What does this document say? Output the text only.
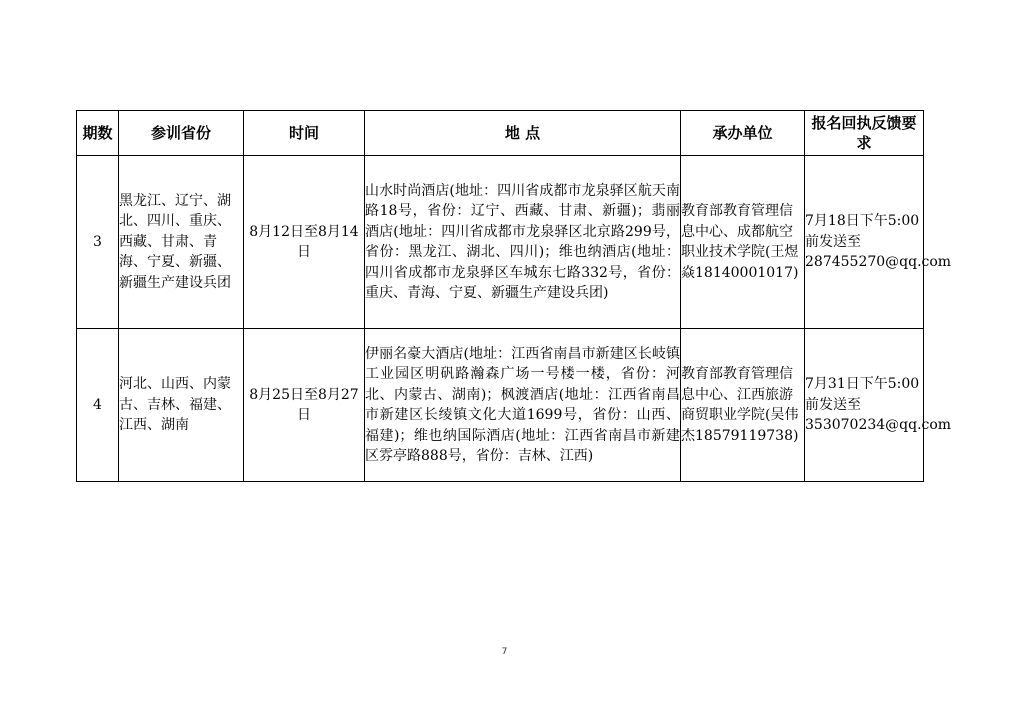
期数	参训省份	时间	地 点	承办单位	报名回执反馈要求
3	黑龙江、辽宁、湖北、四川、重庆、西藏、甘肃、青海、宁夏、新疆、新疆生产建设兵团	8月12日至8月14日	山水时尚酒店(地址：四川省成都市龙泉驿区航天南路18号，省份：辽宁、西藏、甘肃、新疆)；翡丽酒店(地址：四川省成都市龙泉驿区北京路299号，省份：黑龙江、湖北、四川)；维也纳酒店(地址：四川省成都市龙泉驿区车城东七路332号，省份：重庆、青海、宁夏、新疆生产建设兵团)	教育部教育管理信息中心、成都航空职业技术学院(王煜焱18140001017)	7月18日下午5:00前发送至287455270@qq.com
4	河北、山西、内蒙古、吉林、福建、江西、湖南	8月25日至8月27日	伊丽名豪大酒店(地址：江西省南昌市新建区长岐镇工业园区明矾路瀚森广场一号楼一楼，省份：河北、内蒙古、湖南)；枫渡酒店(地址：江西省南昌市新建区长绫镇文化大道1699号，省份：山西、福建)；维也纳国际酒店(地址：江西省南昌市新建区雰亭路888号，省份：吉林、江西)	教育部教育管理信息中心、江西旅游商贸职业学院(吴伟杰18579119738)	7月31日下午5:00前发送至353070234@qq.com
7
